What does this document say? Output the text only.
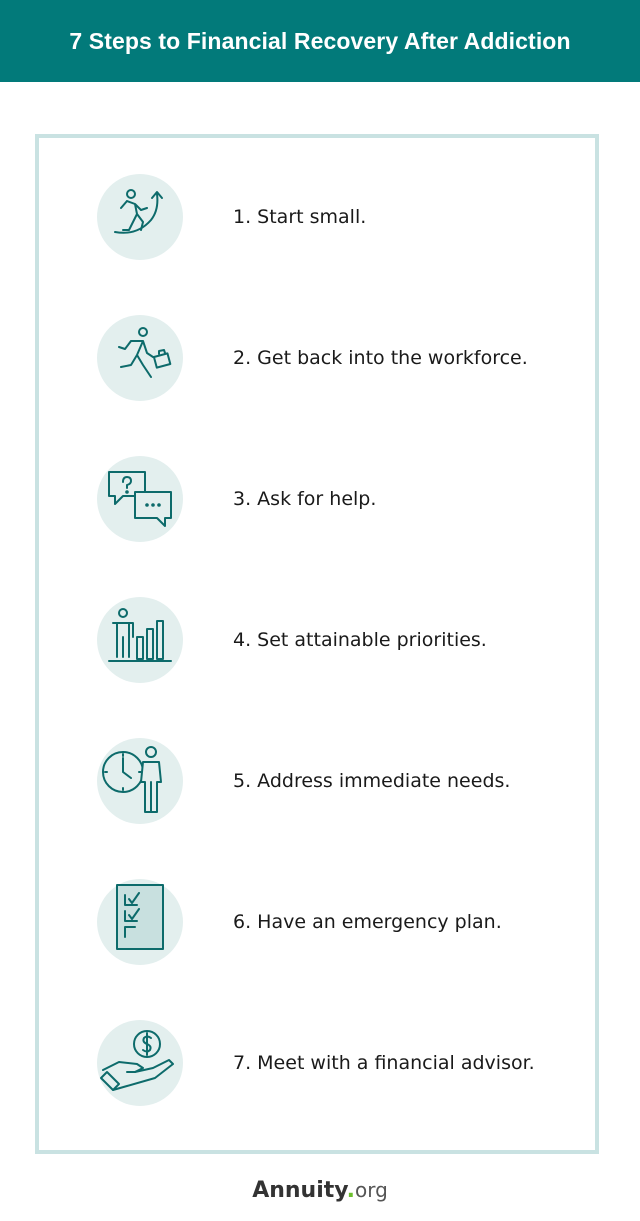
7 Steps to Financial Recovery After Addiction
1. Start small.
2. Get back into the workforce.
3. Ask for help.
4. Set attainable priorities.
5. Address immediate needs.
6. Have an emergency plan.
7. Meet with a financial advisor.
Annuity.org
